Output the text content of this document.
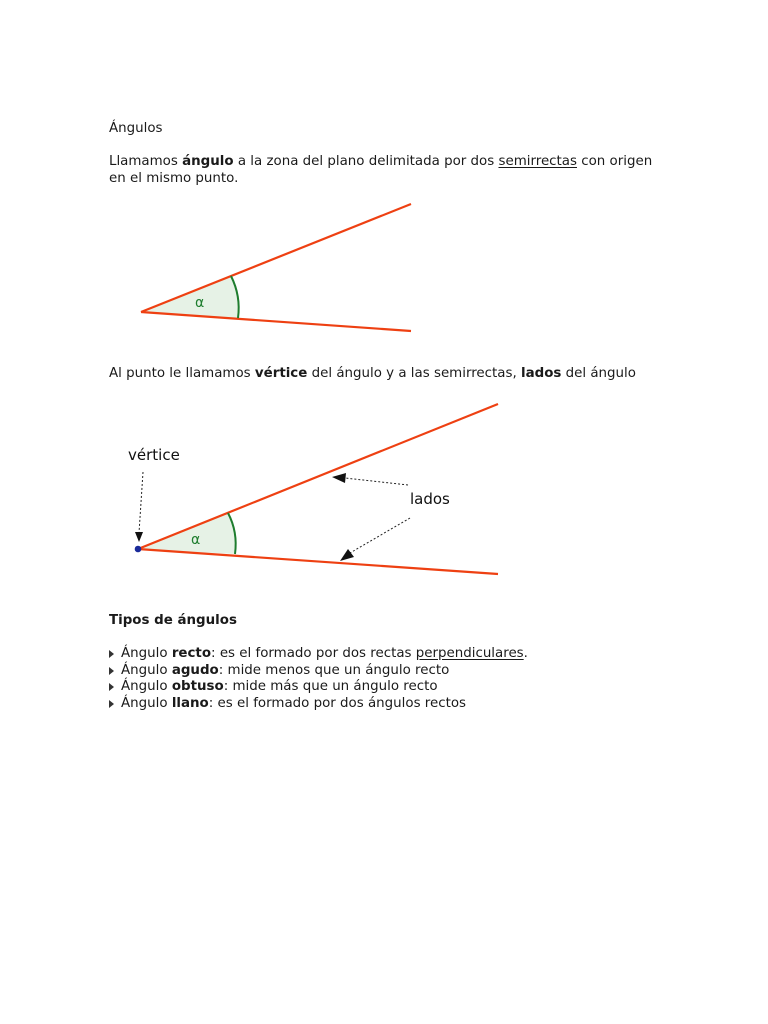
Ángulos
Llamamos ángulo a la zona del plano delimitada por dos semirrectas con origen en el mismo punto.
α
α
vértice
lados
Al punto le llamamos vértice del ángulo y a las semirrectas, lados del ángulo
Tipos de ángulos
Ángulo recto: es el formado por dos rectas perpendiculares.
Ángulo agudo: mide menos que un ángulo recto
Ángulo obtuso: mide más que un ángulo recto
Ángulo llano: es el formado por dos ángulos rectos
